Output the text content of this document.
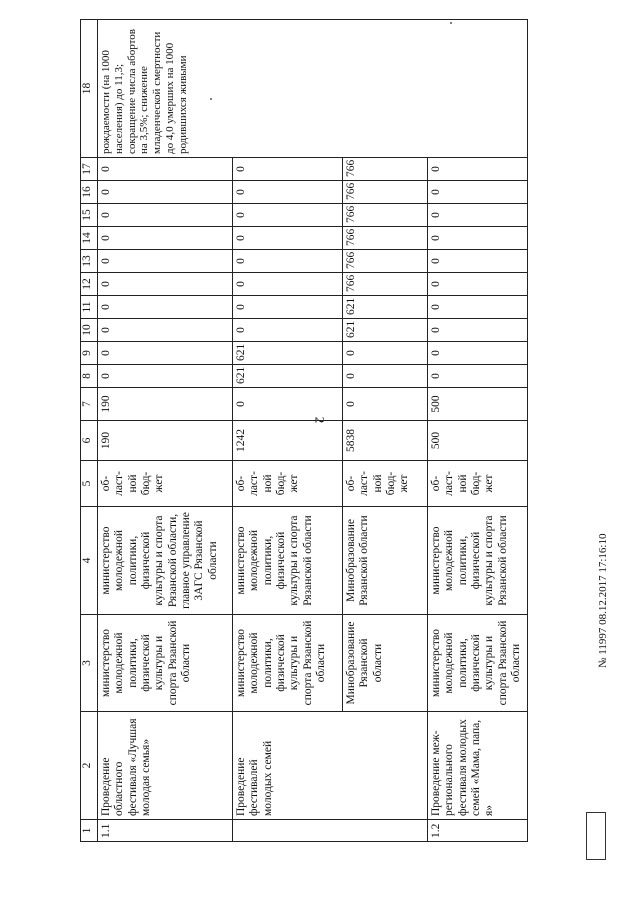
2
1	2	3	4	5	6	7	8	9	10	11	12	13	14	15	16	17	18
1.1	Проведение областного фестиваля «Лучшая молодая семья»	министерство молодежной политики, физической культуры и спорта Рязанской области	министерство молодежной политики, физической культуры и спорта Рязанской области, главное управление ЗАГС Рязанской области	об-ласт-ной бюд-жет	190	190	0	0	0	0	0	0	0	0	0	0	рождаемости (на 1000 населения) до 11,3; сокращение числа абортов на 3,5%; снижение младенческой смертности до 4,0 умерших на 1000 родившихся живыми
	Проведение фестивалей молодых семей	министерство молодежной политики, физической культуры и спорта Рязанской области	министерство молодежной политики, физической культуры и спорта Рязанской области	об-ласт-ной бюд-жет	1242	0	621	621	0	0	0	0	0	0	0	0	
		Минобразование Рязанской области	Минобразование Рязанской области	об-ласт-ной бюд-жет	5838	0	0	0	621	621	766	766	766	766	766	766	
1.2	Проведение меж-регионального фестиваля молодых семей «Мама, папа, я»	министерство молодежной политики, физической культуры и спорта Рязанской области	министерство молодежной политики, физической культуры и спорта Рязанской области	об-ласт-ной бюд-жет	500	500	0	0	0	0	0	0	0	0	0	0	
№ 11997 08.12.2017 17:16:10
